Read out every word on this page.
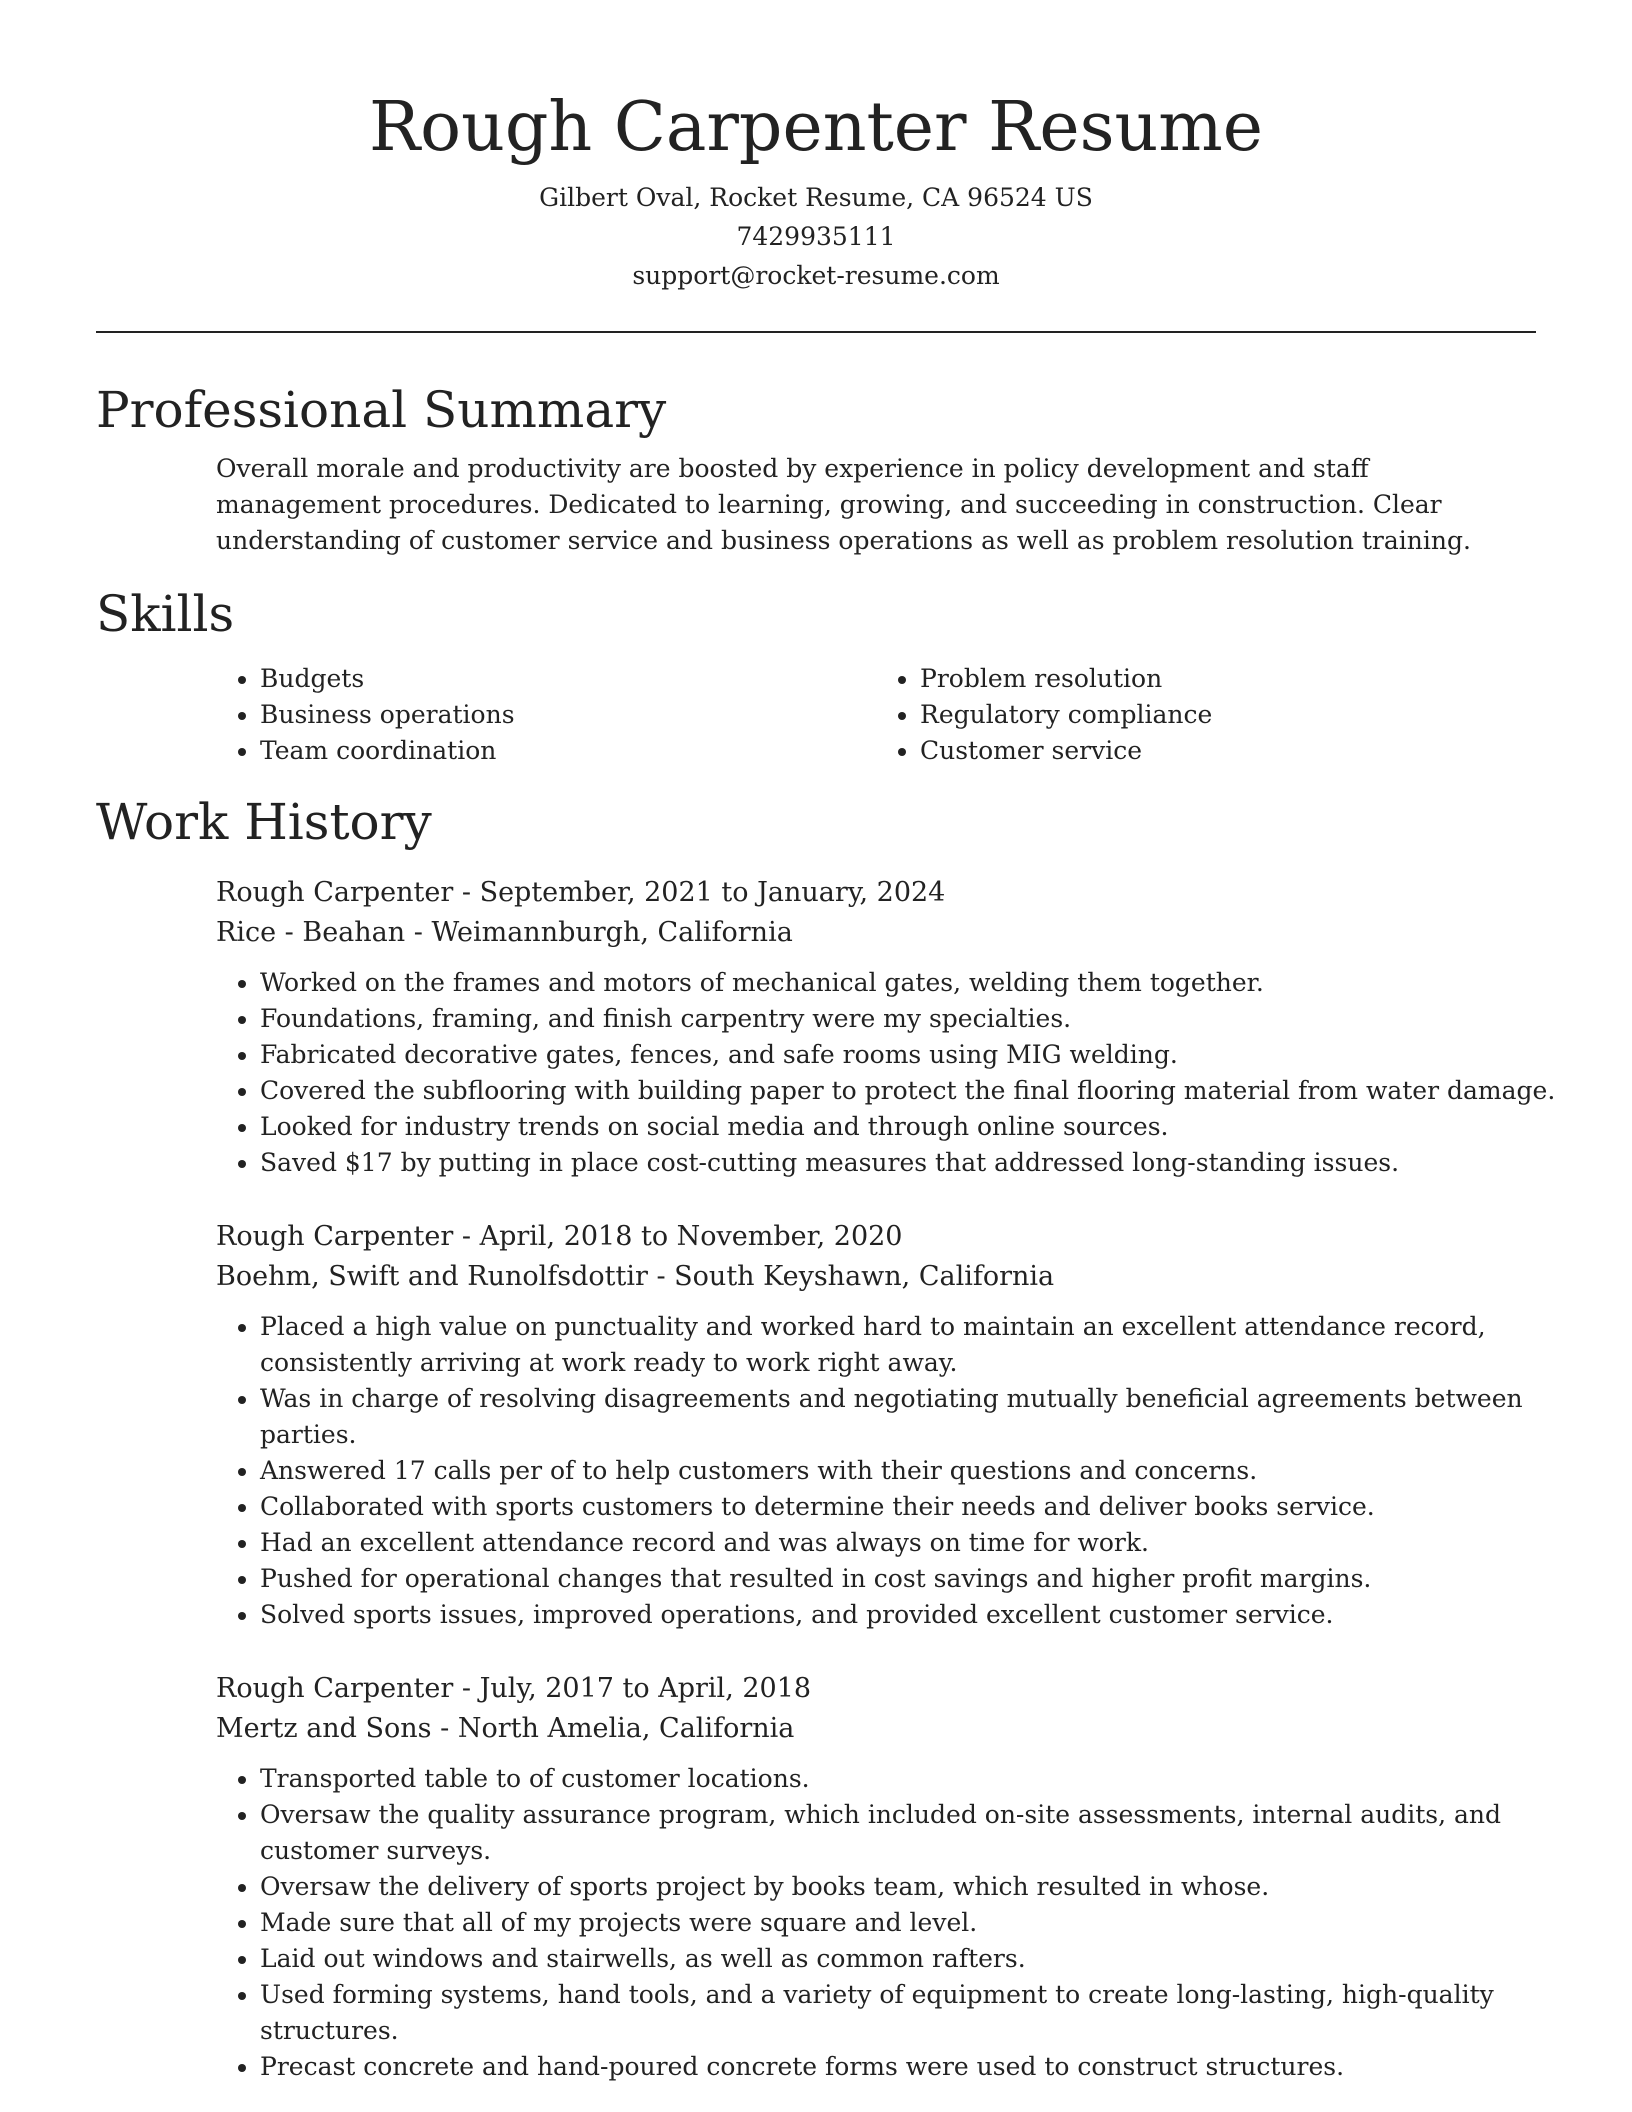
Rough Carpenter Resume
Gilbert Oval, Rocket Resume, CA 96524 US
7429935111
support@rocket-resume.com
Professional Summary

Overall morale and productivity are boosted by experience in policy development and staff management procedures. Dedicated to learning, growing, and succeeding in construction. Clear understanding of customer service and business operations as well as problem resolution training.

Skills
• Budgets
• Business operations
• Team coordination
• Problem resolution
• Regulatory compliance
• Customer service
Work History
Rough Carpenter - September, 2021 to January, 2024
Rice - Beahan - Weimannburgh, California
• Worked on the frames and motors of mechanical gates, welding them together.
• Foundations, framing, and finish carpentry were my specialties.
• Fabricated decorative gates, fences, and safe rooms using MIG welding.
• Covered the subflooring with building paper to protect the final flooring material from water damage.
• Looked for industry trends on social media and through online sources.
• Saved $17 by putting in place cost-cutting measures that addressed long-standing issues.
Rough Carpenter - April, 2018 to November, 2020
Boehm, Swift and Runolfsdottir - South Keyshawn, California
• Placed a high value on punctuality and worked hard to maintain an excellent attendance record, consistently arriving at work ready to work right away.
• Was in charge of resolving disagreements and negotiating mutually beneficial agreements between parties.
• Answered 17 calls per of to help customers with their questions and concerns.
• Collaborated with sports customers to determine their needs and deliver books service.
• Had an excellent attendance record and was always on time for work.
• Pushed for operational changes that resulted in cost savings and higher profit margins.
• Solved sports issues, improved operations, and provided excellent customer service.
Rough Carpenter - July, 2017 to April, 2018
Mertz and Sons - North Amelia, California
• Transported table to of customer locations.
• Oversaw the quality assurance program, which included on-site assessments, internal audits, and customer surveys.
• Oversaw the delivery of sports project by books team, which resulted in whose.
• Made sure that all of my projects were square and level.
• Laid out windows and stairwells, as well as common rafters.
• Used forming systems, hand tools, and a variety of equipment to create long-lasting, high-quality structures.
• Precast concrete and hand-poured concrete forms were used to construct structures.
